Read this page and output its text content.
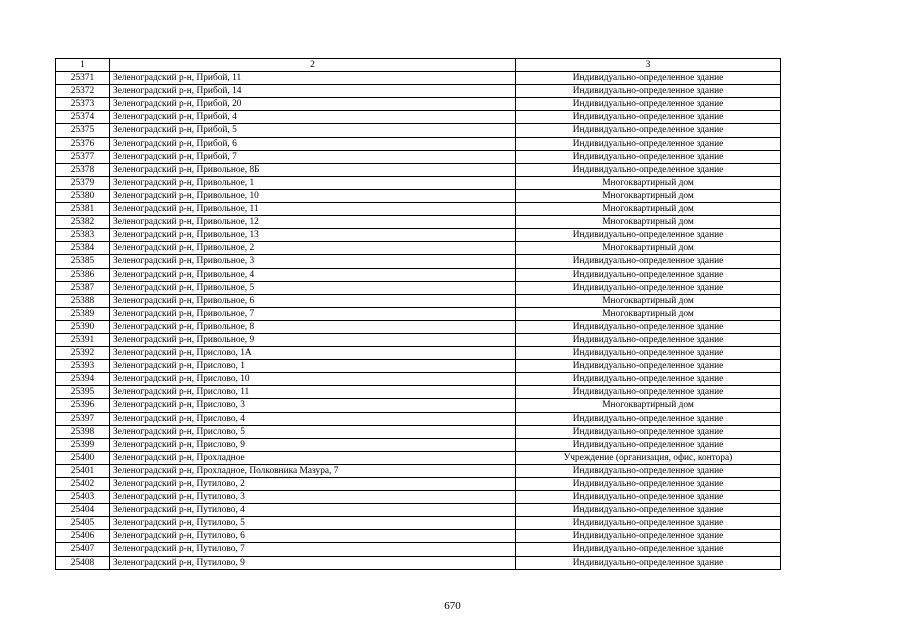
1	2	3
25371	Зеленоградский р-н, Прибой, 11	Индивидуально-определенное здание
25372	Зеленоградский р-н, Прибой, 14	Индивидуально-определенное здание
25373	Зеленоградский р-н, Прибой, 20	Индивидуально-определенное здание
25374	Зеленоградский р-н, Прибой, 4	Индивидуально-определенное здание
25375	Зеленоградский р-н, Прибой, 5	Индивидуально-определенное здание
25376	Зеленоградский р-н, Прибой, 6	Индивидуально-определенное здание
25377	Зеленоградский р-н, Прибой, 7	Индивидуально-определенное здание
25378	Зеленоградский р-н, Привольное, 8Б	Индивидуально-определенное здание
25379	Зеленоградский р-н, Привольное, 1	Многоквартирный дом
25380	Зеленоградский р-н, Привольное, 10	Многоквартирный дом
25381	Зеленоградский р-н, Привольное, 11	Многоквартирный дом
25382	Зеленоградский р-н, Привольное, 12	Многоквартирный дом
25383	Зеленоградский р-н, Привольное, 13	Индивидуально-определенное здание
25384	Зеленоградский р-н, Привольное, 2	Многоквартирный дом
25385	Зеленоградский р-н, Привольное, 3	Индивидуально-определенное здание
25386	Зеленоградский р-н, Привольное, 4	Индивидуально-определенное здание
25387	Зеленоградский р-н, Привольное, 5	Индивидуально-определенное здание
25388	Зеленоградский р-н, Привольное, 6	Многоквартирный дом
25389	Зеленоградский р-н, Привольное, 7	Многоквартирный дом
25390	Зеленоградский р-н, Привольное, 8	Индивидуально-определенное здание
25391	Зеленоградский р-н, Привольное, 9	Индивидуально-определенное здание
25392	Зеленоградский р-н, Прислово, 1А	Индивидуально-определенное здание
25393	Зеленоградский р-н, Прислово, 1	Индивидуально-определенное здание
25394	Зеленоградский р-н, Прислово, 10	Индивидуально-определенное здание
25395	Зеленоградский р-н, Прислово, 11	Индивидуально-определенное здание
25396	Зеленоградский р-н, Прислово, 3	Многоквартирный дом
25397	Зеленоградский р-н, Прислово, 4	Индивидуально-определенное здание
25398	Зеленоградский р-н, Прислово, 5	Индивидуально-определенное здание
25399	Зеленоградский р-н, Прислово, 9	Индивидуально-определенное здание
25400	Зеленоградский р-н, Прохладное	Учреждение (организация, офис, контора)
25401	Зеленоградский р-н, Прохладное, Полковника Мазура, 7	Индивидуально-определенное здание
25402	Зеленоградский р-н, Путилово, 2	Индивидуально-определенное здание
25403	Зеленоградский р-н, Путилово, 3	Индивидуально-определенное здание
25404	Зеленоградский р-н, Путилово, 4	Индивидуально-определенное здание
25405	Зеленоградский р-н, Путилово, 5	Индивидуально-определенное здание
25406	Зеленоградский р-н, Путилово, 6	Индивидуально-определенное здание
25407	Зеленоградский р-н, Путилово, 7	Индивидуально-определенное здание
25408	Зеленоградский р-н, Путилово, 9	Индивидуально-определенное здание
670
